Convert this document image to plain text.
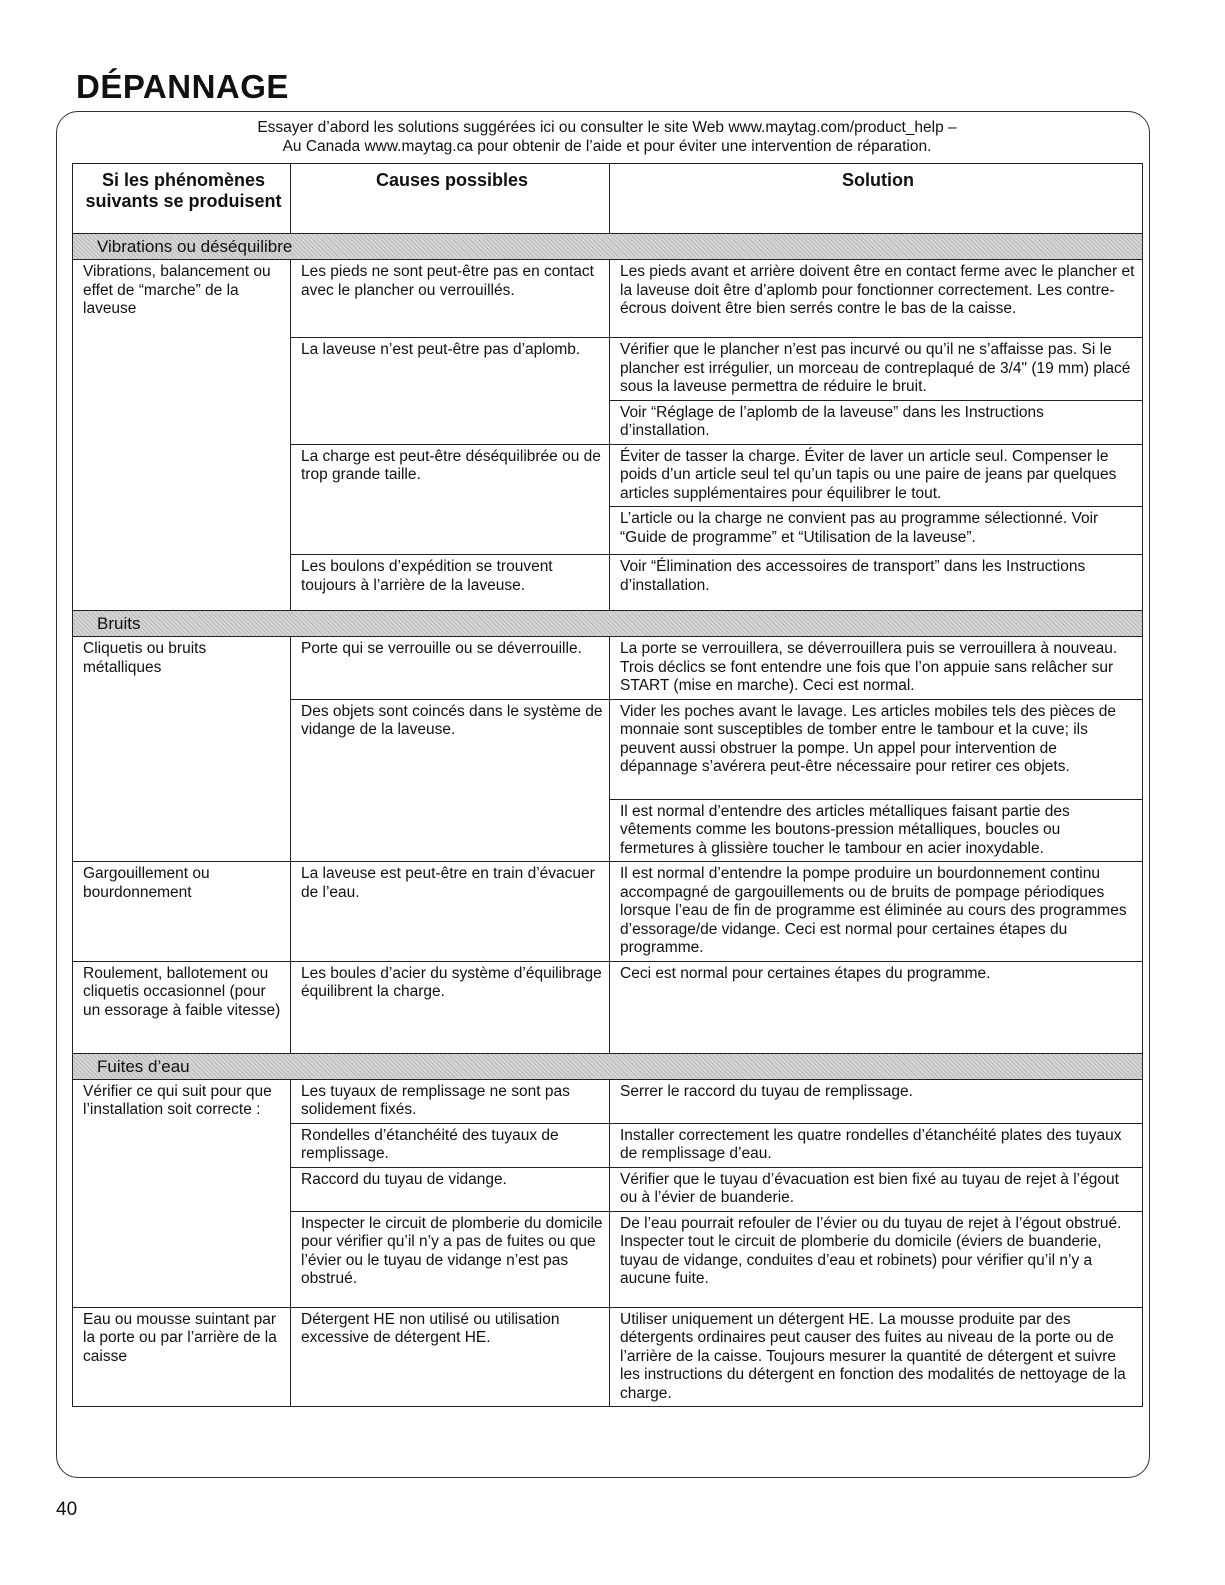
DÉPANNAGE
Essayer d’abord les solutions suggérées ici ou consulter le site Web www.maytag.com/product_help –
Au Canada www.maytag.ca pour obtenir de l’aide et pour éviter une intervention de réparation.
Si les phénomènes suivants se produisent	Causes possibles	Solution
Vibrations ou déséquilibre		
Vibrations, balancement ou effet de “marche” de la laveuse	Les pieds ne sont peut-être pas en contact avec le plancher ou verrouillés.	Les pieds avant et arrière doivent être en contact ferme avec le plancher et la laveuse doit être d’aplomb pour fonctionner correctement. Les contre-écrous doivent être bien serrés contre le bas de la caisse.
	La laveuse n’est peut-être pas d’aplomb.	Vérifier que le plancher n’est pas incurvé ou qu’il ne s’affaisse pas. Si le plancher est irrégulier, un morceau de contreplaqué de 3/4" (19 mm) placé sous la laveuse permettra de réduire le bruit.
		Voir “Réglage de l’aplomb de la laveuse” dans les Instructions d’installation.
	La charge est peut-être déséquilibrée ou de trop grande taille.	Éviter de tasser la charge. Éviter de laver un article seul. Compenser le poids d’un article seul tel qu’un tapis ou une paire de jeans par quelques articles supplémentaires pour équilibrer le tout.
		L’article ou la charge ne convient pas au programme sélectionné. Voir “Guide de programme” et “Utilisation de la laveuse”.
	Les boulons d’expédition se trouvent toujours à l’arrière de la laveuse.	Voir “Élimination des accessoires de transport” dans les Instructions d’installation.
Bruits		
Cliquetis ou bruits métalliques	Porte qui se verrouille ou se déverrouille.	La porte se verrouillera, se déverrouillera puis se verrouillera à nouveau. Trois déclics se font entendre une fois que l’on appuie sans relâcher sur START (mise en marche). Ceci est normal.
	Des objets sont coincés dans le système de vidange de la laveuse.	Vider les poches avant le lavage. Les articles mobiles tels des pièces de monnaie sont susceptibles de tomber entre le tambour et la cuve; ils peuvent aussi obstruer la pompe. Un appel pour intervention de dépannage s’avérera peut-être nécessaire pour retirer ces objets.
		Il est normal d’entendre des articles métalliques faisant partie des vêtements comme les boutons-pression métalliques, boucles ou fermetures à glissière toucher le tambour en acier inoxydable.
Gargouillement ou bourdonnement	La laveuse est peut-être en train d’évacuer de l’eau.	Il est normal d’entendre la pompe produire un bourdonnement continu accompagné de gargouillements ou de bruits de pompage périodiques lorsque l’eau de fin de programme est éliminée au cours des programmes d’essorage/de vidange. Ceci est normal pour certaines étapes du programme.
Roulement, ballotement ou cliquetis occasionnel (pour un essorage à faible vitesse)	Les boules d’acier du système d’équilibrage équilibrent la charge.	Ceci est normal pour certaines étapes du programme.
Fuites d’eau		
Vérifier ce qui suit pour que l’installation soit correcte :	Les tuyaux de remplissage ne sont pas solidement fixés.	Serrer le raccord du tuyau de remplissage.
	Rondelles d’étanchéité des tuyaux de remplissage.	Installer correctement les quatre rondelles d’étanchéité plates des tuyaux de remplissage d’eau.
	Raccord du tuyau de vidange.	Vérifier que le tuyau d’évacuation est bien fixé au tuyau de rejet à l’égout ou à l’évier de buanderie.
	Inspecter le circuit de plomberie du domicile pour vérifier qu’il n’y a pas de fuites ou que l’évier ou le tuyau de vidange n’est pas obstrué.	De l’eau pourrait refouler de l’évier ou du tuyau de rejet à l’égout obstrué. Inspecter tout le circuit de plomberie du domicile (éviers de buanderie, tuyau de vidange, conduites d’eau et robinets) pour vérifier qu’il n’y a aucune fuite.
Eau ou mousse suintant par la porte ou par l’arrière de la caisse	Détergent HE non utilisé ou utilisation excessive de détergent HE.	Utiliser uniquement un détergent HE. La mousse produite par des détergents ordinaires peut causer des fuites au niveau de la porte ou de l’arrière de la caisse. Toujours mesurer la quantité de détergent et suivre les instructions du détergent en fonction des modalités de nettoyage de la charge.
40
